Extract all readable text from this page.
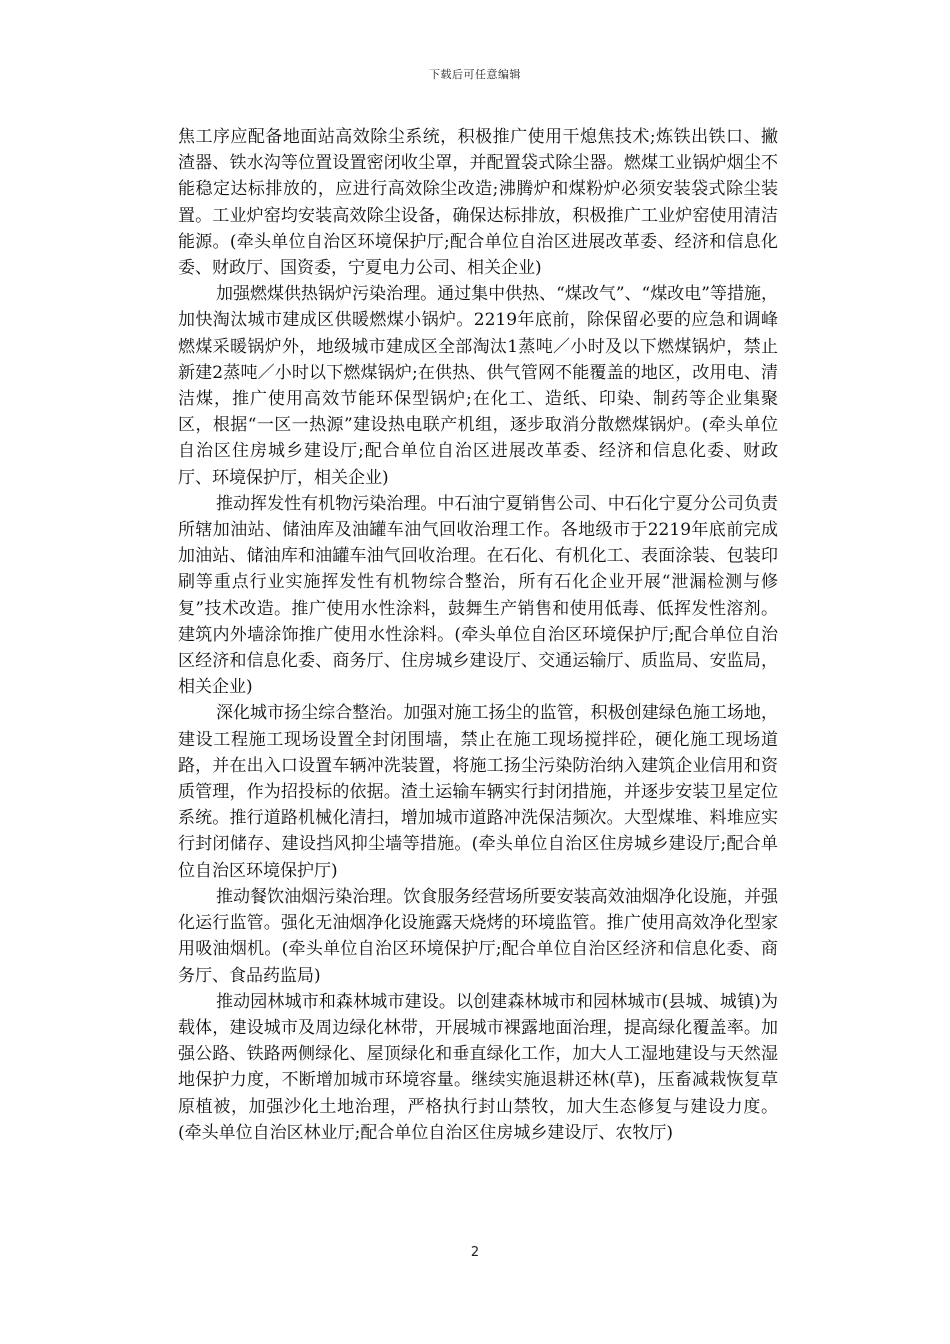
下载后可任意编辑

焦工序应配备地面站高效除尘系统，积极推广使用干熄焦技术;炼铁出铁口、撇渣器、铁水沟等位置设置密闭收尘罩，并配置袋式除尘器。燃煤工业锅炉烟尘不能稳定达标排放的，应进行高效除尘改造;沸腾炉和煤粉炉必须安装袋式除尘装置。工业炉窑均安装高效除尘设备，确保达标排放，积极推广工业炉窑使用清洁能源。(牵头单位自治区环境保护厅;配合单位自治区进展改革委、经济和信息化委、财政厅、国资委，宁夏电力公司、相关企业)

加强燃煤供热锅炉污染治理。通过集中供热、“煤改气”、“煤改电”等措施，加快淘汰城市建成区供暖燃煤小锅炉。2219年底前，除保留必要的应急和调峰燃煤采暖锅炉外，地级城市建成区全部淘汰1蒸吨／小时及以下燃煤锅炉，禁止新建2蒸吨／小时以下燃煤锅炉;在供热、供气管网不能覆盖的地区，改用电、清洁煤，推广使用高效节能环保型锅炉;在化工、造纸、印染、制药等企业集聚区，根据“一区一热源”建设热电联产机组，逐步取消分散燃煤锅炉。(牵头单位自治区住房城乡建设厅;配合单位自治区进展改革委、经济和信息化委、财政厅、环境保护厅，相关企业)

推动挥发性有机物污染治理。中石油宁夏销售公司、中石化宁夏分公司负责所辖加油站、储油库及油罐车油气回收治理工作。各地级市于2219年底前完成加油站、储油库和油罐车油气回收治理。在石化、有机化工、表面涂装、包装印刷等重点行业实施挥发性有机物综合整治，所有石化企业开展“泄漏检测与修复”技术改造。推广使用水性涂料，鼓舞生产销售和使用低毒、低挥发性溶剂。建筑内外墙涂饰推广使用水性涂料。(牵头单位自治区环境保护厅;配合单位自治区经济和信息化委、商务厅、住房城乡建设厅、交通运输厅、质监局、安监局，相关企业)

深化城市扬尘综合整治。加强对施工扬尘的监管，积极创建绿色施工场地，建设工程施工现场设置全封闭围墙，禁止在施工现场搅拌砼，硬化施工现场道路，并在出入口设置车辆冲洗装置，将施工扬尘污染防治纳入建筑企业信用和资质管理，作为招投标的依据。渣土运输车辆实行封闭措施，并逐步安装卫星定位系统。推行道路机械化清扫，增加城市道路冲洗保洁频次。大型煤堆、料堆应实行封闭储存、建设挡风抑尘墙等措施。(牵头单位自治区住房城乡建设厅;配合单位自治区环境保护厅)

推动餐饮油烟污染治理。饮食服务经营场所要安装高效油烟净化设施，并强化运行监管。强化无油烟净化设施露天烧烤的环境监管。推广使用高效净化型家用吸油烟机。(牵头单位自治区环境保护厅;配合单位自治区经济和信息化委、商务厅、食品药监局)

推动园林城市和森林城市建设。以创建森林城市和园林城市(县城、城镇)为载体，建设城市及周边绿化林带，开展城市裸露地面治理，提高绿化覆盖率。加强公路、铁路两侧绿化、屋顶绿化和垂直绿化工作，加大人工湿地建设与天然湿地保护力度，不断增加城市环境容量。继续实施退耕还林(草)，压畜减栽恢复草原植被，加强沙化土地治理，严格执行封山禁牧，加大生态修复与建设力度。(牵头单位自治区林业厅;配合单位自治区住房城乡建设厅、农牧厅)

2
